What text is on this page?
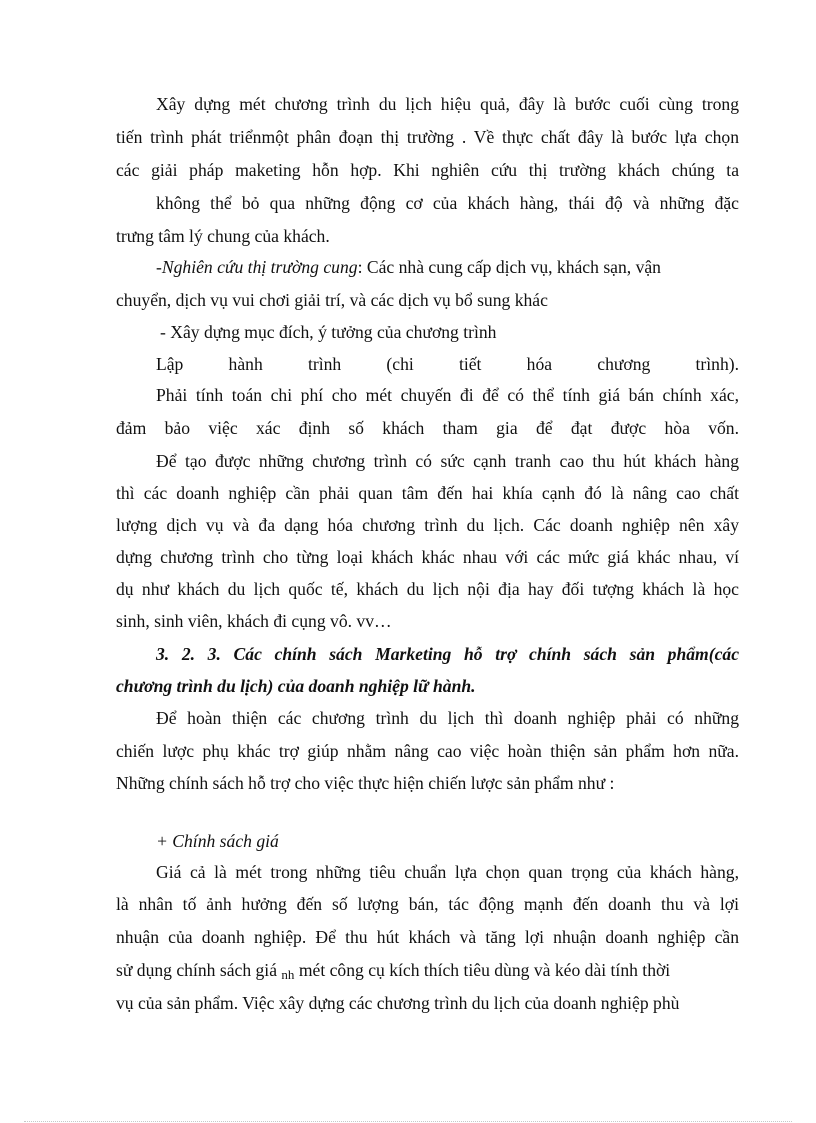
Xây dựng mét chương trình du lịch hiệu quả, đây là bước cuối cùng trong
tiến trình phát triểnmột phân đoạn thị trường . Về thực chất đây là bước lựa chọn
các giải pháp maketing hỗn hợp. Khi nghiên cứu thị trường khách chúng ta
không thể bỏ qua những động cơ của khách hàng, thái độ và những đặc
trưng tâm lý chung của khách.
-Nghiên cứu thị trường cung: Các nhà cung cấp dịch vụ, khách sạn, vận
chuyển, dịch vụ vui chơi giải trí, và các dịch vụ bổ sung khác
- Xây dựng mục đích, ý tưởng của chương trình
Lập hành trình (chi tiết hóa chương trình).
Phải tính toán chi phí cho mét chuyến đi để có thể tính giá bán chính xác,
đảm bảo việc xác định số khách tham gia để đạt được hòa vốn.
Để tạo được những chương trình có sức cạnh tranh cao thu hút khách hàng
thì các doanh nghiệp cần phải quan tâm đến hai khía cạnh đó là nâng cao chất
lượng dịch vụ và đa dạng hóa chương trình du lịch. Các doanh nghiệp nên xây
dựng chương trình cho từng loại khách khác nhau với các mức giá khác nhau, ví
dụ như khách du lịch quốc tế, khách du lịch nội địa hay đối tượng khách là học
sinh, sinh viên, khách đi cụng vô. vv…
3. 2. 3. Các chính sách Marketing hỗ trợ chính sách sản phẩm(các
chương trình du lịch) của doanh nghiệp lữ hành.
Để hoàn thiện các chương trình du lịch thì doanh nghiệp phải có những
chiến lược phụ khác trợ giúp nhằm nâng cao việc hoàn thiện sản phẩm hơn nữa.
Những chính sách hỗ trợ cho việc thực hiện chiến lược sản phẩm như :
+ Chính sách giá
Giá cả là mét trong những tiêu chuẩn lựa chọn quan trọng của khách hàng,
là nhân tố ảnh hưởng đến số lượng bán, tác động mạnh đến doanh thu và lợi
nhuận của doanh nghiệp. Để thu hút khách và tăng lợi nhuận doanh nghiệp cần
sử dụng chính sách giá nh mét công cụ kích thích tiêu dùng và kéo dài tính thời
vụ của sản phẩm. Việc xây dựng các chương trình du lịch của doanh nghiệp phù
